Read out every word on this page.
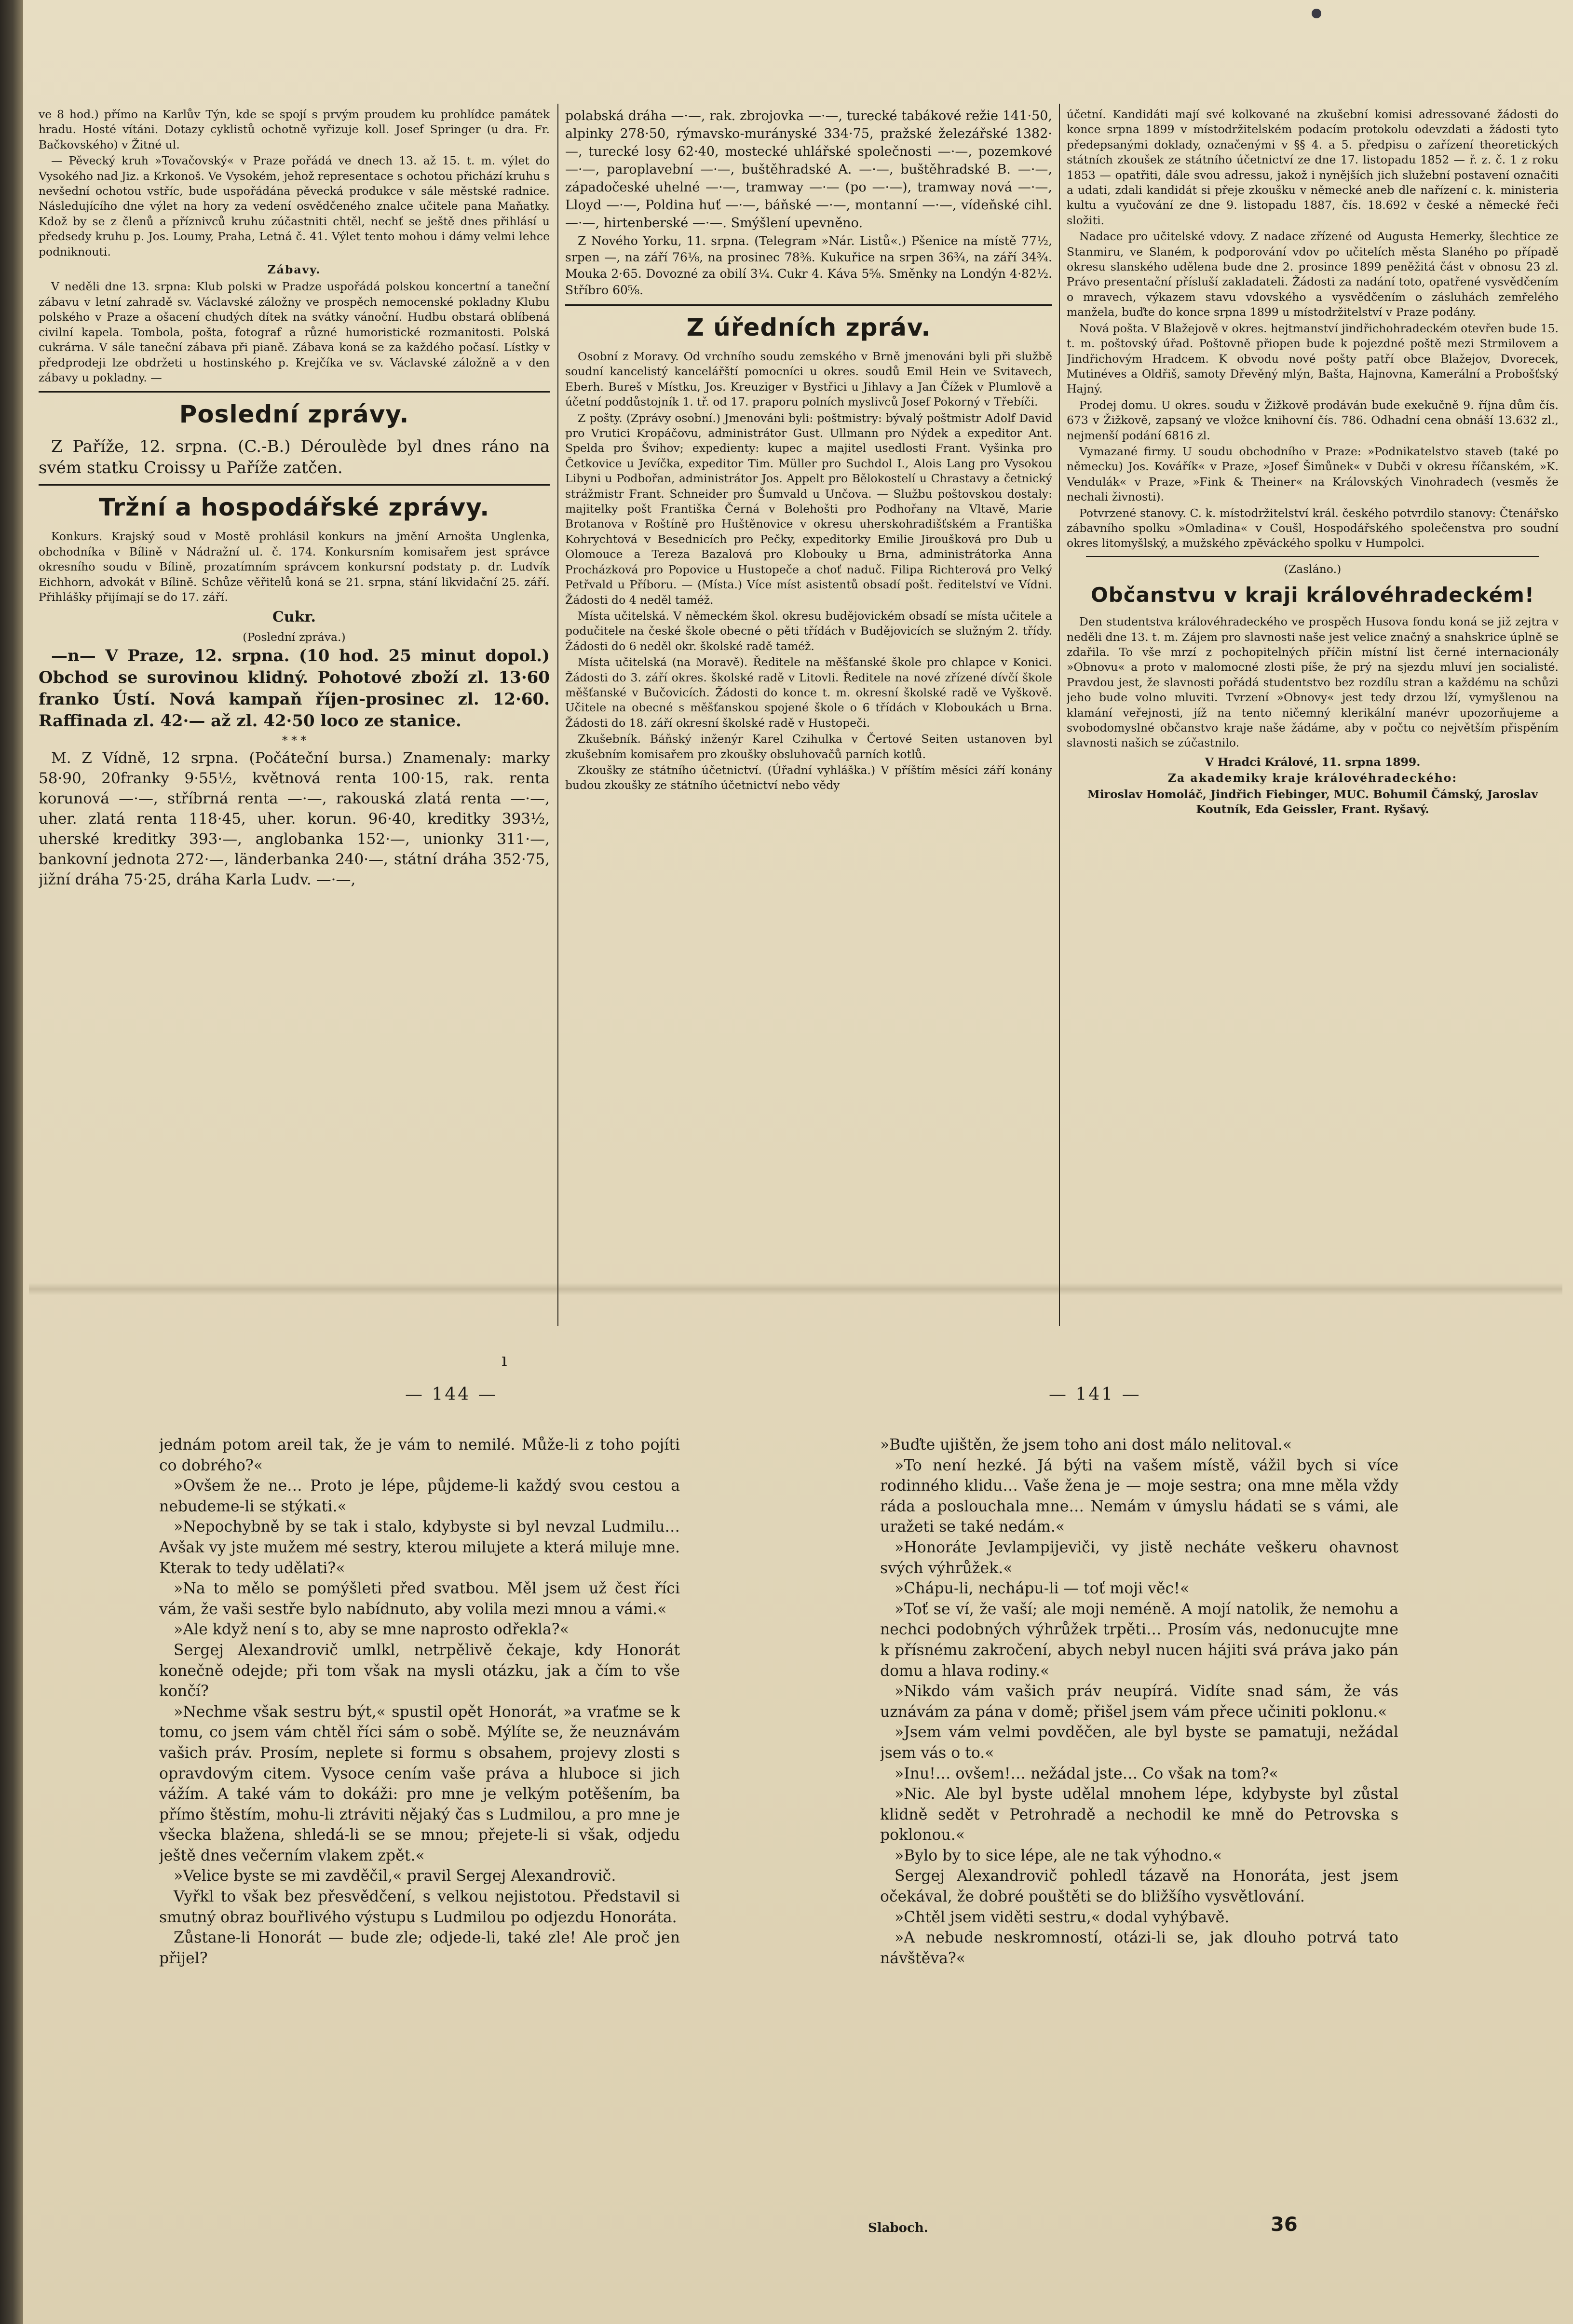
ve 8 hod.) přímo na Karlův Týn, kde se spojí s prvým proudem ku prohlídce památek hradu. Hosté vítáni. Dotazy cyklistů ochotně vyřizuje koll. Josef Springer (u dra. Fr. Bačkovského) v Žitné ul.

— Pěvecký kruh »Tovačovský« v Praze pořádá ve dnech 13. až 15. t. m. výlet do Vysokého nad Jiz. a Krkonoš. Ve Vysokém, jehož representace s ochotou přichází kruhu s nevšední ochotou vstříc, bude uspořádána pěvecká produkce v sále městské radnice. Následujícího dne výlet na hory za vedení osvědčeného znalce učitele pana Maňatky. Kdož by se z členů a příznivců kruhu zúčastniti chtěl, nechť se ještě dnes přihlásí u předsedy kruhu p. Jos. Loumy, Praha, Letná č. 41. Výlet tento mohou i dámy velmi lehce podniknouti.

Zábavy.

V neděli dne 13. srpna: Klub polski w Pradze uspořádá polskou koncertní a taneční zábavu v letní zahradě sv. Václavské záložny ve prospěch nemocenské pokladny Klubu polského v Praze a ošacení chudých dítek na svátky vánoční. Hudbu obstará oblíbená civilní kapela. Tombola, pošta, fotograf a různé humoristické rozmanitosti. Polská cukrárna. V sále taneční zábava při pianě. Zábava koná se za každého počasí. Lístky v předprodeji lze obdržeti u hostinského p. Krejčíka ve sv. Václavské záložně a v den zábavy u pokladny. —

Poslední zprávy.

Z Paříže, 12. srpna. (C.-B.) Déroulède byl dnes ráno na svém statku Croissy u Paříže zatčen.

Tržní a hospodářské zprávy.

Konkurs. Krajský soud v Mostě prohlásil konkurs na jmění Arnošta Unglenka, obchodníka v Bílině v Nádražní ul. č. 174. Konkursním komisařem jest správce okresního soudu v Bílině, prozatímním správcem konkursní podstaty p. dr. Ludvík Eichhorn, advokát v Bílině. Schůze věřitelů koná se 21. srpna, stání likvidační 25. září. Přihlášky přijímají se do 17. září.

Cukr.
(Poslední zpráva.)

—n— V Praze, 12. srpna. (10 hod. 25 minut dopol.) Obchod se surovinou klidný. Pohotové zboží zl. 13·60 franko Ústí. Nová kampaň říjen-prosinec zl. 12·60. Raffinada zl. 42·— až zl. 42·50 loco ze stanice.

* * *

M. Z Vídně, 12 srpna. (Počáteční bursa.) Znamenaly: marky 58·90, 20franky 9·55½, květnová renta 100·15, rak. renta korunová —·—, stříbrná renta —·—, rakouská zlatá renta —·—, uher. zlatá renta 118·45, uher. korun. 96·40, kreditky 393½, uherské kreditky 393·—, anglobanka 152·—, unionky 311·—, bankovní jednota 272·—, länderbanka 240·—, státní dráha 352·75, jižní dráha 75·25, dráha Karla Ludv. —·—,

polabská dráha —·—, rak. zbrojovka —·—, turecké tabákové režie 141·50, alpinky 278·50, rýmavsko-murányské 334·75, pražské železářské 1382·—, turecké losy 62·40, mostecké uhlářské společnosti —·—, pozemkové —·—, paroplavební —·—, buštěhradské A. —·—, buštěhradské B. —·—, západočeské uhelné —·—, tramway —·— (po —·—), tramway nová —·—, Lloyd —·—, Poldina huť —·—, báňské —·—, montanní —·—, vídeňské cihl. —·—, hirtenberské —·—. Smýšlení upevněno.

Z Nového Yorku, 11. srpna. (Telegram »Nár. Listů«.) Pšenice na místě 77½, srpen —, na září 76⅛, na prosinec 78⅜. Kukuřice na srpen 36¾, na září 34¾. Mouka 2·65. Dovozné za obilí 3¼. Cukr 4. Káva 5⅝. Směnky na Londýn 4·82½. Stříbro 60⅝.

Z úředních zpráv.

Osobní z Moravy. Od vrchního soudu zemského v Brně jmenováni byli při službě soudní kancelistý kancelářští pomocníci u okres. soudů Emil Hein ve Svitavech, Eberh. Bureš v Místku, Jos. Kreuziger v Bystřici u Jihlavy a Jan Čížek v Plumlově a účetní poddůstojník 1. tř. od 17. praporu polních myslivců Josef Pokorný v Třebíči.

Z pošty. (Zprávy osobní.) Jmenováni byli: poštmistry: bývalý poštmistr Adolf David pro Vrutici Kropáčovu, administrátor Gust. Ullmann pro Nýdek a expeditor Ant. Spelda pro Švihov; expedienty: kupec a majitel usedlosti Frant. Vyšinka pro Četkovice u Jevíčka, expeditor Tim. Müller pro Suchdol I., Alois Lang pro Vysokou Libyni u Podbořan, administrátor Jos. Appelt pro Bělokostelí u Chrastavy a četnický strážmistr Frant. Schneider pro Šumvald u Unčova. — Službu poštovskou dostaly: majitelky pošt Františka Černá v Bolehošti pro Podhořany na Vltavě, Marie Brotanova v Roštíně pro Huštěnovice v okresu uherskohradišťském a Františka Kohrychtová v Besednicích pro Pečky, expeditorky Emilie Jiroušková pro Dub u Olomouce a Tereza Bazalová pro Klobouky u Brna, administrátorka Anna Procházková pro Popovice u Hustopeče a choť naduč. Filipa Richterová pro Velký Petřvald u Příboru. — (Místa.) Více míst asistentů obsadí pošt. ředitelství ve Vídni. Žádosti do 4 neděl taméž.

Místa učitelská. V německém škol. okresu budějovickém obsadí se místa učitele a podučitele na české škole obecné o pěti třídách v Budějovicích se služným 2. třídy. Žádosti do 6 neděl okr. školské radě taméž.

Místa učitelská (na Moravě). Ředitele na měšťanské škole pro chlapce v Konici. Žádosti do 3. září okres. školské radě v Litovli. Ředitele na nové zřízené dívčí škole měšťanské v Bučovicích. Žádosti do konce t. m. okresní školské radě ve Vyškově. Učitele na obecné s měšťanskou spojené škole o 6 třídách v Kloboukách u Brna. Žádosti do 18. září okresní školské radě v Hustopeči.

Zkušebník. Báňský inženýr Karel Czihulka v Čertové Seiten ustanoven byl zkušebním komisařem pro zkoušky obsluhovačů parních kotlů.

Zkoušky ze státního účetnictví. (Úřadní vyhláška.) V příštím měsíci září konány budou zkoušky ze státního účetnictví nebo vědy

účetní. Kandidáti mají své kolkované na zkušební komisi adressované žádosti do konce srpna 1899 v místodržitelském podacím protokolu odevzdati a žádosti tyto předepsanými doklady, označenými v §§ 4. a 5. předpisu o zařízení theoretických státních zkoušek ze státního účetnictví ze dne 17. listopadu 1852 — ř. z. č. 1 z roku 1853 — opatřiti, dále svou adressu, jakož i nynějších jich služební postavení označiti a udati, zdali kandidát si přeje zkoušku v německé aneb dle nařízení c. k. ministeria kultu a vyučování ze dne 9. listopadu 1887, čís. 18.692 v české a německé řeči složiti.

Nadace pro učitelské vdovy. Z nadace zřízené od Augusta Hemerky, šlechtice ze Stanmiru, ve Slaném, k podporování vdov po učitelích města Slaného po případě okresu slanského udělena bude dne 2. prosince 1899 peněžitá část v obnosu 23 zl. Právo presentační přísluší zakladateli. Žádosti za nadání toto, opatřené vysvědčením o mravech, výkazem stavu vdovského a vysvědčením o zásluhách zemřelého manžela, buďte do konce srpna 1899 u místodržitelství v Praze podány.

Nová pošta. V Blažejově v okres. hejtmanství jindřichohradeckém otevřen bude 15. t. m. poštovský úřad. Poštovně přiopen bude k pojezdné poště mezi Strmilovem a Jindřichovým Hradcem. K obvodu nové pošty patří obce Blažejov, Dvorecek, Mutinéves a Oldřiš, samoty Dřevěný mlýn, Bašta, Hajnovna, Kamerální a Probošťský Hajný.

Prodej domu. U okres. soudu v Žižkově prodáván bude exekučně 9. října dům čís. 673 v Žižkově, zapsaný ve vložce knihovní čís. 786. Odhadní cena obnáší 13.632 zl., nejmenší podání 6816 zl.

Vymazané firmy. U soudu obchodního v Praze: »Podnikatelstvo staveb (také po německu) Jos. Kovářík« v Praze, »Josef Šimůnek« v Dubči v okresu říčanském, »K. Vendulák« v Praze, »Fink & Theiner« na Královských Vinohradech (vesměs že nechali živnosti).

Potvrzené stanovy. C. k. místodržitelství král. českého potvrdilo stanovy: Čtenářsko zábavního spolku »Omladina« v Coušl, Hospodářského společenstva pro soudní okres litomyšlský, a mužského zpěváckého spolku v Humpolci.

(Zasláno.)
Občanstvu v kraji královéhradeckém!

Den studentstva královéhradeckého ve prospěch Husova fondu koná se již zejtra v neděli dne 13. t. m. Zájem pro slavnosti naše jest velice značný a snahskrice úplně se zdařila. To vše mrzí z pochopitelných příčin místní list černé internacionály »Obnovu« a proto v malomocné zlosti píše, že prý na sjezdu mluví jen socialisté. Pravdou jest, že slavnosti pořádá studentstvo bez rozdílu stran a každému na schůzi jeho bude volno mluviti. Tvrzení »Obnovy« jest tedy drzou lží, vymyšlenou na klamání veřejnosti, jíž na tento ničemný klerikální manévr upozorňujeme a svobodomyslné občanstvo kraje naše žádáme, aby v počtu co největším přispěním slavnosti našich se zúčastnilo.

V Hradci Králové, 11. srpna 1899.

Za akademiky kraje královéhradeckého:

Miroslav Homoláč, Jindřich Fiebinger, MUC. Bohumil Čámský, Jaroslav Koutník, Eda Geissler, Frant. Ryšavý.

ı
— 144 —	— 141 —

jednám potom areil tak, že je vám to nemilé. Může-li z toho pojíti co dobrého?«

»Ovšem že ne… Proto je lépe, půjdeme-li každý svou cestou a nebudeme-li se stýkati.«

»Nepochybně by se tak i stalo, kdybyste si byl nevzal Ludmilu… Avšak vy jste mužem mé sestry, kterou milujete a která miluje mne. Kterak to tedy udělati?«

»Na to mělo se pomýšleti před svatbou. Měl jsem už čest říci vám, že vaši sestře bylo nabídnuto, aby volila mezi mnou a vámi.«

»Ale když není s to, aby se mne naprosto odřekla?«

Sergej Alexandrovič umlkl, netrpělivě čekaje, kdy Honorát konečně odejde; při tom však na mysli otázku, jak a čím to vše končí?

»Nechme však sestru být,« spustil opět Honorát, »a vraťme se k tomu, co jsem vám chtěl říci sám o sobě. Mýlíte se, že neuznávám vašich práv. Prosím, neplete si formu s obsahem, projevy zlosti s opravdovým citem. Vysoce cením vaše práva a hluboce si jich vážím. A také vám to dokáži: pro mne je velkým potěšením, ba přímo štěstím, mohu-li ztráviti nějaký čas s Ludmilou, a pro mne je všecka blažena, shledá-li se se mnou; přejete-li si však, odjedu ještě dnes večerním vlakem zpět.«

»Velice byste se mi zavděčil,« pravil Sergej Alexandrovič.

Vyřkl to však bez přesvědčení, s velkou nejistotou. Představil si smutný obraz bouřlivého výstupu s Ludmilou po odjezdu Honoráta.

Zůstane-li Honorát — bude zle; odjede-li, také zle! Ale proč jen přijel?

»Buďte ujištěn, že jsem toho ani dost málo nelitoval.«

»To není hezké. Já býti na vašem místě, vážil bych si více rodinného klidu… Vaše žena je — moje sestra; ona mne měla vždy ráda a poslouchala mne… Nemám v úmyslu hádati se s vámi, ale uražeti se také nedám.«

»Honoráte Jevlampijeviči, vy jistě necháte veškeru ohavnost svých výhrůžek.«

»Chápu-li, nechápu-li — toť moji věc!«

»Toť se ví, že vaší; ale moji neméně. A mojí natolik, že nemohu a nechci podobných výhrůžek trpěti… Prosím vás, nedonucujte mne k přísnému zakročení, abych nebyl nucen hájiti svá práva jako pán domu a hlava rodiny.«

»Nikdo vám vašich práv neupírá. Vidíte snad sám, že vás uznávám za pána v domě; přišel jsem vám přece učiniti poklonu.«

»Jsem vám velmi povděčen, ale byl byste se pamatuji, nežádal jsem vás o to.«

»Inu!… ovšem!… nežádal jste… Co však na tom?«

»Nic. Ale byl byste udělal mnohem lépe, kdybyste byl zůstal klidně sedět v Petrohradě a nechodil ke mně do Petrovska s poklonou.«

»Bylo by to sice lépe, ale ne tak výhodno.«

Sergej Alexandrovič pohledl tázavě na Honoráta, jest jsem očekával, že dobré pouštěti se do bližšího vysvětlování.

»Chtěl jsem viděti sestru,« dodal vyhýbavě.

»A nebude neskromností, otázi-li se, jak dlouho potrvá tato návštěva?«

Slaboch.	36
